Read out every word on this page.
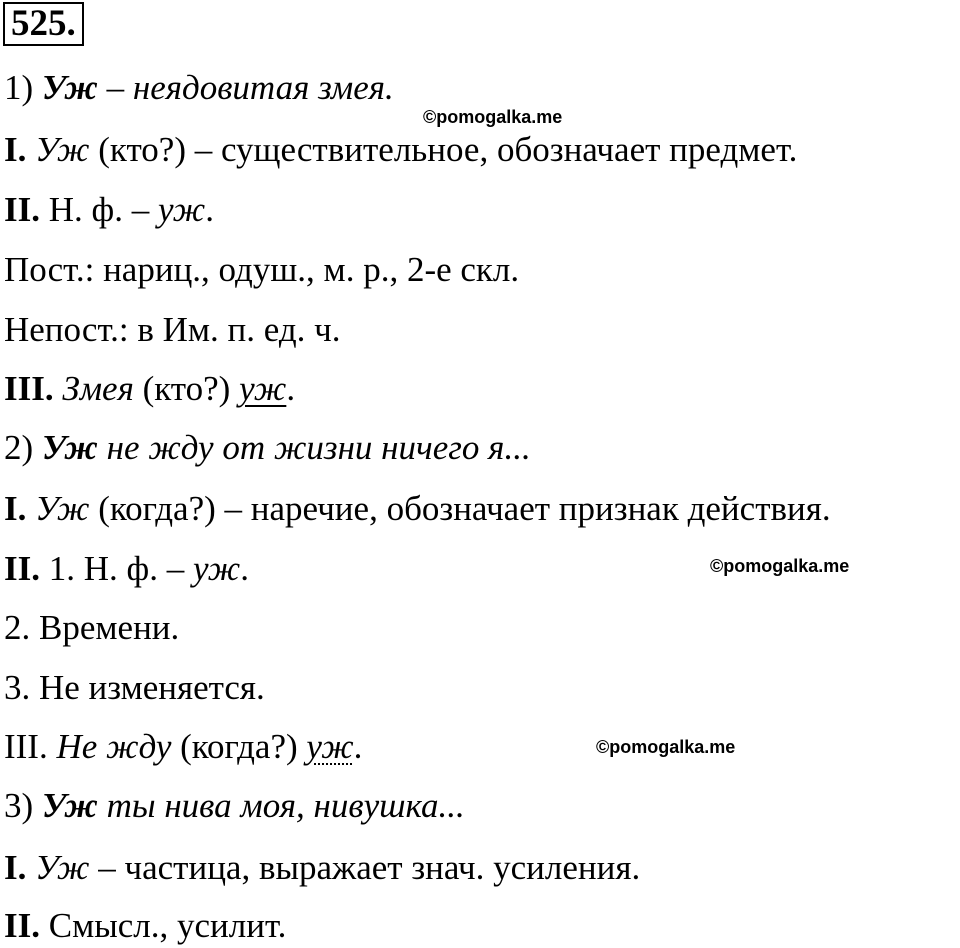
525.
1) Уж – неядовитая змея.
I. Уж (кто?) – существительное, обозначает предмет.
II. Н. ф. – уж.
Пост.: нариц., одуш., м. р., 2-е скл.
Непост.: в Им. п. ед. ч.
III. Змея (кто?) уж.
2) Уж не жду от жизни ничего я...
I. Уж (когда?) – наречие, обозначает признак действия.
II. 1. Н. ф. – уж.
2. Времени.
3. Не изменяется.
III. Не жду (когда?) уж.
3) Уж ты нива моя, нивушка...
I. Уж – частица, выражает знач. усиления.
II. Смысл., усилит.
©pomogalka.me
©pomogalka.me
©pomogalka.me
